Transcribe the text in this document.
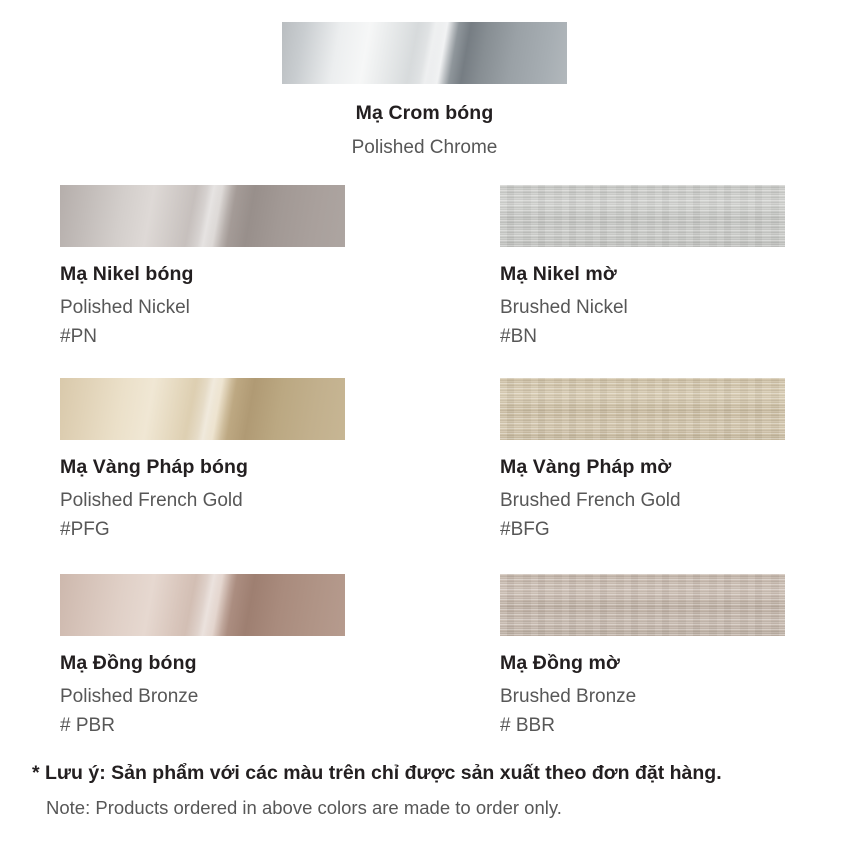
Mạ Crom bóng
Polished Chrome
Mạ Nikel bóng
Polished Nickel
#PN
Mạ Nikel mờ
Brushed Nickel
#BN
Mạ Vàng Pháp bóng
Polished French Gold
#PFG
Mạ Vàng Pháp mờ
Brushed French Gold
#BFG
Mạ Đồng bóng
Polished Bronze
# PBR
Mạ Đồng mờ
Brushed Bronze
# BBR
* Lưu ý: Sản phẩm với các màu trên chỉ được sản xuất theo đơn đặt hàng.
Note: Products ordered in above colors are made to order only.
